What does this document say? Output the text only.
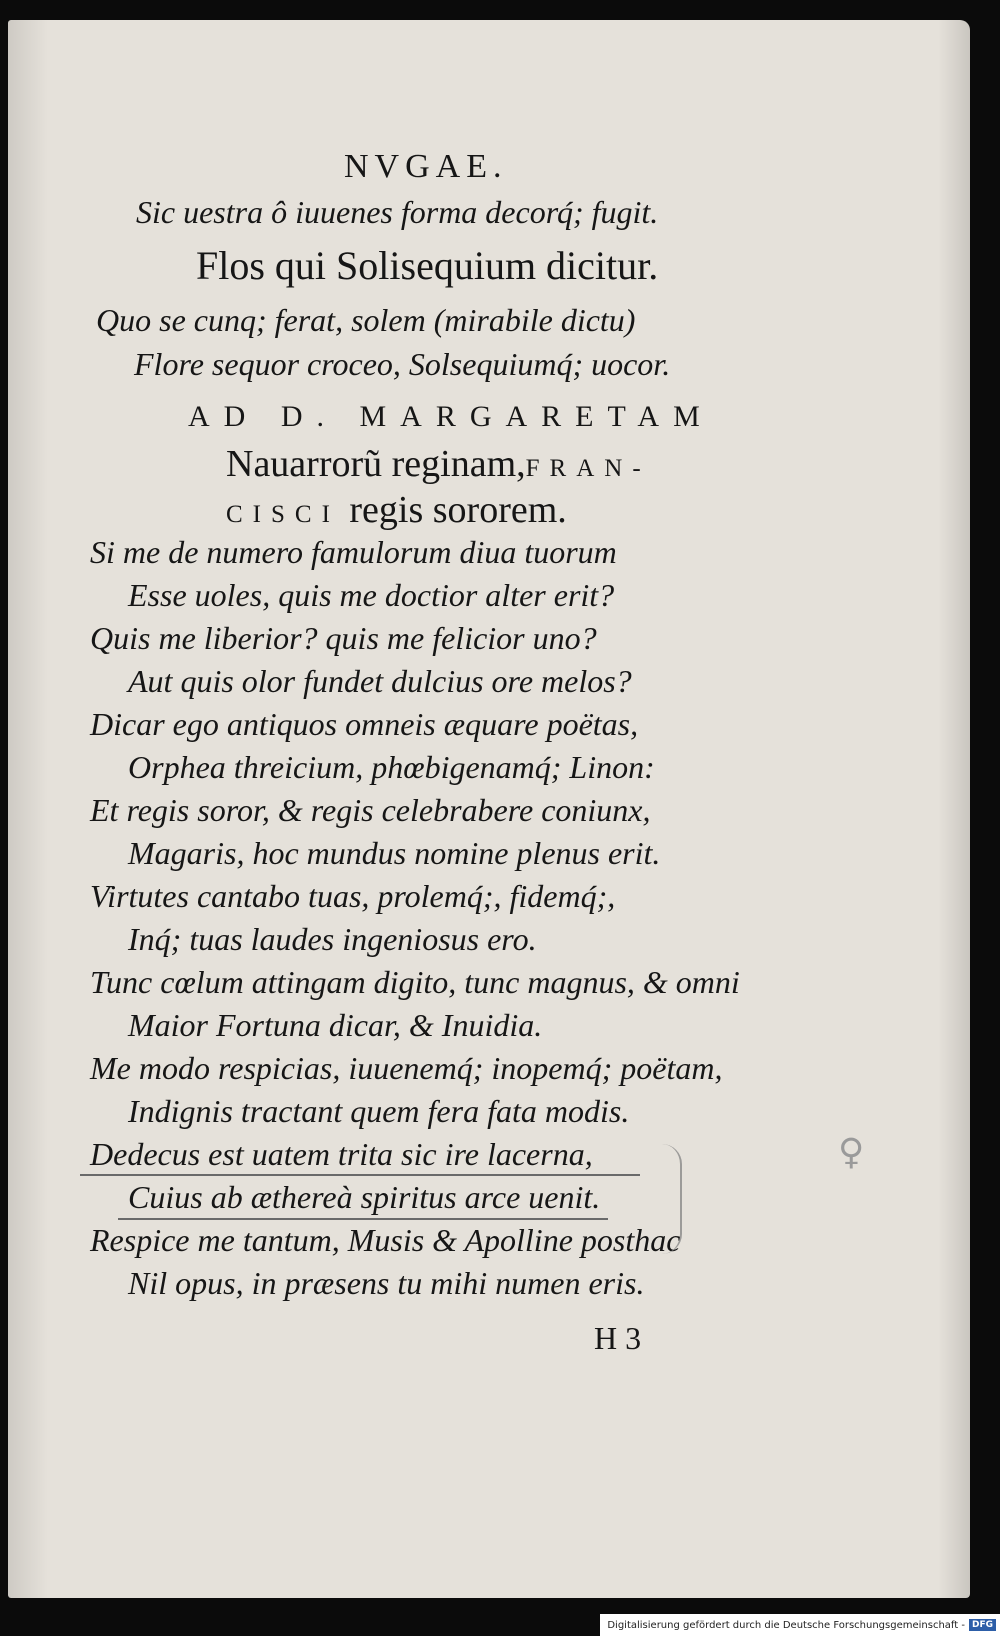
NVGAE.

Sic uestra ô iuuenes forma decorq́; fugit.

Flos qui Solisequium dicitur.

Quo se cunq; ferat, solem (mirabile dictu)

Flore sequor croceo, Solsequiumq́; uocor.

AD D. MARGARETAM

Nauarrorũ reginam,FRAN-

CISCI regis sororem.

Si me de numero famulorum diua tuorum

Esse uoles, quis me doctior alter erit?

Quis me liberior? quis me felicior uno?

Aut quis olor fundet dulcius ore melos?

Dicar ego antiquos omneis æquare poëtas,

Orphea threicium, phœbigenamq́; Linon:

Et regis soror, & regis celebrabere coniunx,

Magaris, hoc mundus nomine plenus erit.

Virtutes cantabo tuas, prolemq́;, fidemq́;,

Inq́; tuas laudes ingeniosus ero.

Tunc cœlum attingam digito, tunc magnus, & omni

Maior Fortuna dicar, & Inuidia.

Me modo respicias, iuuenemq́; inopemq́; poëtam,

Indignis tractant quem fera fata modis.

Dedecus est uatem trita sic ire lacerna,

Cuius ab æthereà spiritus arce uenit.

Respice me tantum, Musis & Apolline posthac

Nil opus, in præsens tu mihi numen eris.

♀

H 3

Digitalisierung gefördert durch die Deutsche Forschungsgemeinschaft - DFG
